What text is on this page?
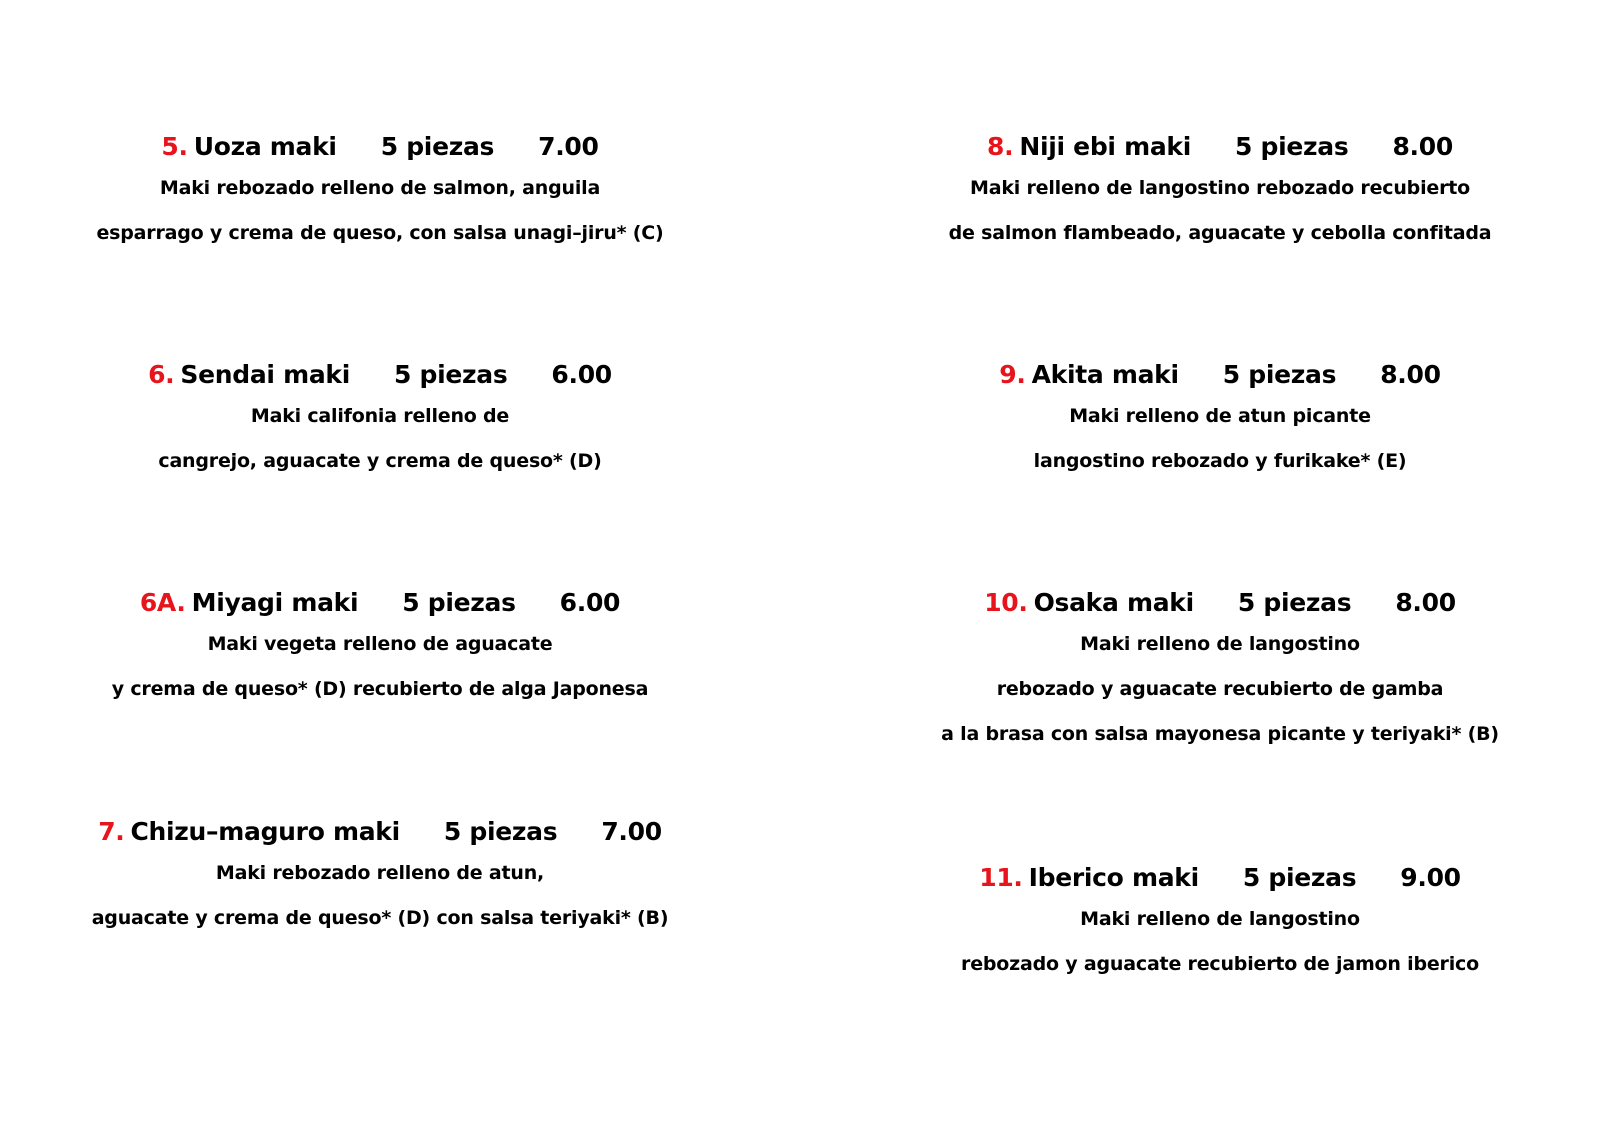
5. Uoza maki 5 piezas 7.00
Maki rebozado relleno de salmon, anguila
esparrago y crema de queso, con salsa unagi–jiru* (C)
6. Sendai maki 5 piezas 6.00
Maki califonia relleno de
cangrejo, aguacate y crema de queso* (D)
6A. Miyagi maki 5 piezas 6.00
Maki vegeta relleno de aguacate
y crema de queso* (D) recubierto de alga Japonesa
7. Chizu–maguro maki 5 piezas 7.00
Maki rebozado relleno de atun,
aguacate y crema de queso* (D) con salsa teriyaki* (B)
8. Niji ebi maki 5 piezas 8.00
Maki relleno de langostino rebozado recubierto
de salmon flambeado, aguacate y cebolla confitada
9. Akita maki 5 piezas 8.00
Maki relleno de atun picante
langostino rebozado y furikake* (E)
10. Osaka maki 5 piezas 8.00
Maki relleno de langostino
rebozado y aguacate recubierto de gamba
a la brasa con salsa mayonesa picante y teriyaki* (B)
11. Iberico maki 5 piezas 9.00
Maki relleno de langostino
rebozado y aguacate recubierto de jamon iberico
